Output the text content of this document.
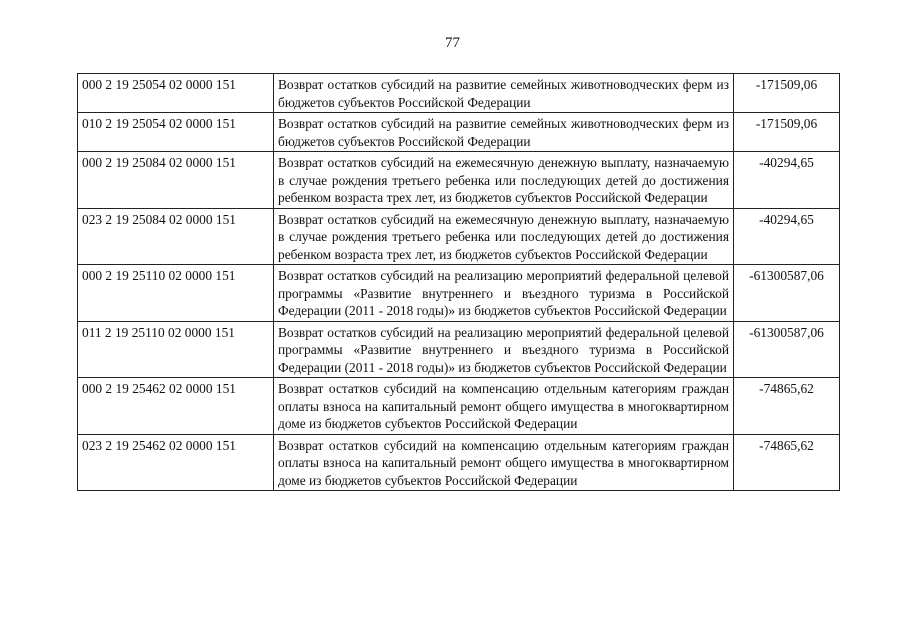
77
000 2 19 25054 02 0000 151	Возврат остатков субсидий на развитие семейных животноводческих ферм из бюджетов субъектов Российской Федерации	-171509,06
010 2 19 25054 02 0000 151	Возврат остатков субсидий на развитие семейных животноводческих ферм из бюджетов субъектов Российской Федерации	-171509,06
000 2 19 25084 02 0000 151	Возврат остатков субсидий на ежемесячную денежную выплату, назначаемую в случае рождения третьего ребенка или последующих детей до достижения ребенком возраста трех лет, из бюджетов субъектов Российской Федерации	-40294,65
023 2 19 25084 02 0000 151	Возврат остатков субсидий на ежемесячную денежную выплату, назначаемую в случае рождения третьего ребенка или последующих детей до достижения ребенком возраста трех лет, из бюджетов субъектов Российской Федерации	-40294,65
000 2 19 25110 02 0000 151	Возврат остатков субсидий на реализацию мероприятий федеральной целевой программы «Развитие внутреннего и въездного туризма в Российской Федерации (2011 - 2018 годы)» из бюджетов субъектов Российской Федерации	-61300587,06
011 2 19 25110 02 0000 151	Возврат остатков субсидий на реализацию мероприятий федеральной целевой программы «Развитие внутреннего и въездного туризма в Российской Федерации (2011 - 2018 годы)» из бюджетов субъектов Российской Федерации	-61300587,06
000 2 19 25462 02 0000 151	Возврат остатков субсидий на компенсацию отдельным категориям граждан оплаты взноса на капитальный ремонт общего имущества в многоквартирном доме из бюджетов субъектов Российской Федерации	-74865,62
023 2 19 25462 02 0000 151	Возврат остатков субсидий на компенсацию отдельным категориям граждан оплаты взноса на капитальный ремонт общего имущества в многоквартирном доме из бюджетов субъектов Российской Федерации	-74865,62
